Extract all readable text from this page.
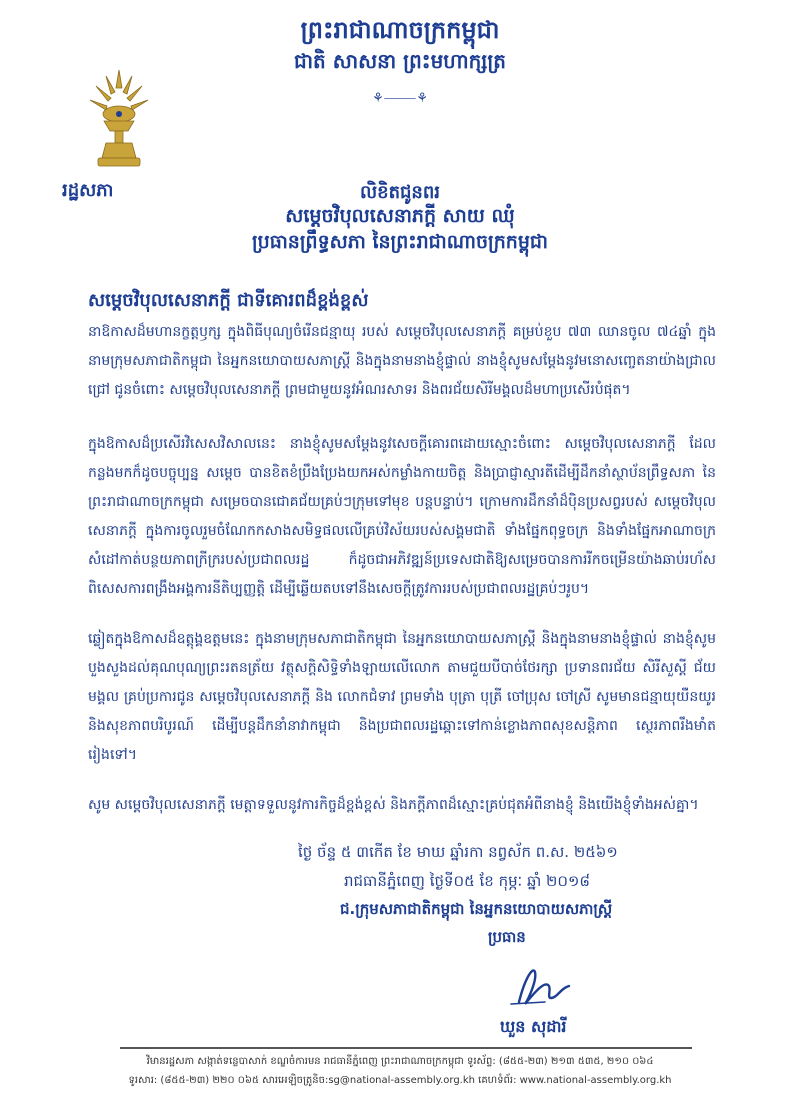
ព្រះរាជាណាចក្រកម្ពុជា
ជាតិ សាសនា ព្រះមហាក្សត្រ
⚘⸻⚘
រដ្ឋសភា	លិខិតជូនពរ
សម្ដេចវិបុលសេនាភក្ដី សាយ ឈុំ
ប្រធានព្រឹទ្ធសភា នៃព្រះរាជាណាចក្រកម្ពុជា
សម្ដេចវិបុលសេនាភក្ដី ជាទីគោរពដ៏ខ្ពង់ខ្ពស់
នាឱកាសដ៏មហានក្ខត្តឫក្ស ក្នុងពិធីបុណ្យចំរើនជន្មាយុ របស់ សម្ដេចវិបុលសេនាភក្ដី គម្រប់ខួប ៧៣ ឈានចូល ៧៤ឆ្នាំ ក្នុងនាមក្រុមសភាជាតិកម្ពុជា នៃអ្នកនយោបាយសភាស្ត្រី និងក្នុងនាមនាងខ្ញុំផ្ទាល់ នាងខ្ញុំសូមសម្ដែងនូវមនោសញ្ចេតនាយ៉ាងជ្រាលជ្រៅ ជូនចំពោះ សម្ដេចវិបុលសេនាភក្ដី ព្រមជាមួយនូវអំណរសាទរ និងពរជ័យសិរីមង្គលដ៏មហាប្រសើរបំផុត។
ក្នុងឱកាសដ៏ប្រសើរវិសេសវិសាលនេះ នាងខ្ញុំសូមសម្ដែងនូវសេចក្ដីគោរពដោយស្មោះចំពោះ សម្ដេចវិបុលសេនាភក្ដី ដែលកន្លងមកក៏ដូចបច្ចុប្បន្ន សម្ដេច បានខិតខំប្រឹងប្រែងយកអស់កម្លាំងកាយចិត្ត និងប្រាជ្ញាស្មារតីដើម្បីដឹកនាំស្ថាប័នព្រឹទ្ធសភា នៃព្រះរាជាណាចក្រកម្ពុជា សម្រេចបានជោគជ័យគ្រប់ៗក្រុមទៅមុខ បន្តបន្ទាប់។ ក្រោមការដឹកនាំដ៏ប៉ិនប្រសព្វរបស់ សម្ដេចវិបុលសេនាភក្ដី ក្នុងការចូលរួមចំណែកកសាងសមិទ្ធផលលើគ្រប់វិស័យរបស់សង្គមជាតិ ទាំងផ្នែកពុទ្ធចក្រ និងទាំងផ្នែកអាណាចក្រ សំដៅកាត់បន្ថយភាពក្រីក្ររបស់ប្រជាពលរដ្ឋ ក៏ដូចជាអភិវឌ្ឍន៍ប្រទេសជាតិឱ្យសម្រេចបានការរីកចម្រើនយ៉ាងឆាប់រហ័ស ពិសេសការពង្រឹងអង្គការនីតិប្បញ្ញត្តិ ដើម្បីឆ្លើយតបទៅនឹងសេចក្ដីត្រូវការរបស់ប្រជាពលរដ្ឋគ្រប់ៗរូប។
ឆ្លៀតក្នុងឱកាសដ៏ឧត្តុង្គឧត្តមនេះ ក្នុងនាមក្រុមសភាជាតិកម្ពុជា នៃអ្នកនយោបាយសភាស្ត្រី និងក្នុងនាមនាងខ្ញុំផ្ទាល់ នាងខ្ញុំសូមបួងសួងដល់គុណបុណ្យព្រះរតនត្រ័យ វត្ថុសក្ដិសិទ្ធិទាំងឡាយលើលោក តាមជួយបីបាច់ថែរក្សា ប្រទានពរជ័យ សិរីសួស្ដី ជ័យមង្គល គ្រប់ប្រការជូន សម្ដេចវិបុលសេនាភក្ដី និង លោកជំទាវ ព្រមទាំង បុត្រា បុត្រី ចៅប្រុស ចៅស្រី សូមមានជន្មាយុយឺនយូរ និងសុខភាពបរិបូរណ៍ ដើម្បីបន្តដឹកនាំនាវាកម្ពុជា និងប្រជាពលរដ្ឋឆ្ពោះទៅកាន់ខ្លោងភាពសុខសន្តិភាព ស្ថេរភាពរឹងមាំតរៀងទៅ។
សូម សម្ដេចវិបុលសេនាភក្ដី មេត្តាទទួលនូវការកិច្ចដ៏ខ្ពង់ខ្ពស់ និងភក្ដីភាពដ៏ស្មោះគ្រប់ជុតអំពីនាងខ្ញុំ និងយើងខ្ញុំទាំងអស់គ្នា។
ថ្ងៃ ច័ន្ទ ៥ ៣កើត ខែ មាឃ ឆ្នាំរកា នព្វស័ក ព.ស. ២៥៦១
រាជធានីភ្នំពេញ ថ្ងៃទី០៥ ខែ កុម្ភៈ ឆ្នាំ ២០១៨
ជ.ក្រុមសភាជាតិកម្ពុជា នៃអ្នកនយោបាយសភាស្ត្រី
ប្រធាន
ឃួន សុដារី
វិមានរដ្ឋសភា សង្កាត់ទន្លេបាសាក់ ខណ្ឌចំការមន រាជធានីភ្នំពេញ ព្រះរាជាណាចក្រកម្ពុជា ទូរស័ព្ទ: (៨៥៥-២៣) ២១៣ ៥៣៥, ២១០ ០៦៤
ទូរសារ: (៨៥៥-២៣) ២២០ ០៦៥ សារអេឡិចត្រូនិច:sg@national-assembly.org.kh គេហទំព័រ: www.national-assembly.org.kh
